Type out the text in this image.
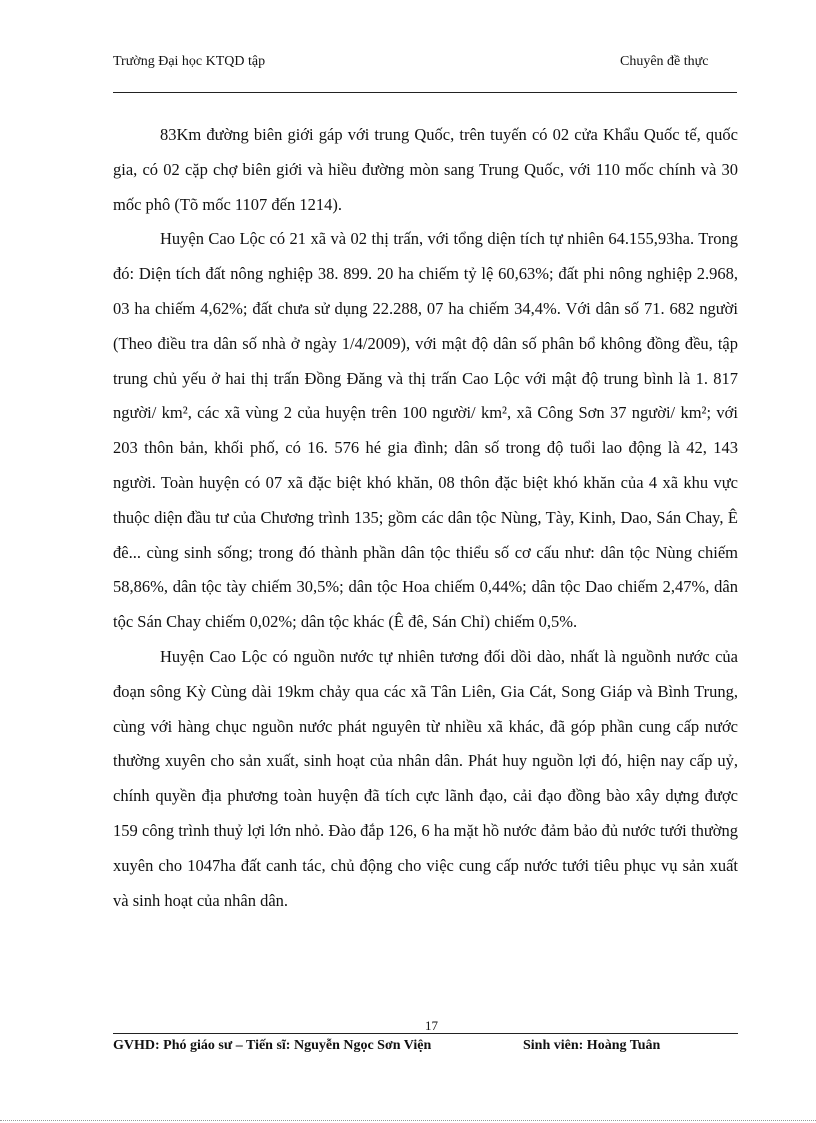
Trường Đại học KTQD tập	Chuyên đề thực

83Km đường biên giới gáp với trung Quốc, trên tuyến có 02 cửa Khẩu Quốc tế, quốc gia, có 02 cặp chợ biên giới và hiều đường mòn sang Trung Quốc, với 110 mốc chính và 30 mốc phô (Tõ mốc 1107 đến 1214).

Huyện Cao Lộc có 21 xã và 02 thị trấn, với tổng diện tích tự nhiên 64.155,93ha. Trong đó: Diện tích đất nông nghiệp 38. 899. 20 ha chiếm tỷ lệ 60,63%; đất phi nông nghiệp 2.968, 03 ha chiếm 4,62%; đất chưa sử dụng 22.288, 07 ha chiếm 34,4%. Với dân số 71. 682 người (Theo điều tra dân số nhà ở ngày 1/4/2009), với mật độ dân số phân bổ không đồng đều, tập trung chủ yếu ở hai thị trấn Đồng Đăng và thị trấn Cao Lộc với mật độ trung bình là 1. 817 người/ km², các xã vùng 2 của huyện trên 100 người/ km², xã Công Sơn 37 người/ km²; với 203 thôn bản, khối phố, có 16. 576 hé gia đình; dân số trong độ tuổi lao động là 42, 143 người. Toàn huyện có 07 xã đặc biệt khó khăn, 08 thôn đặc biệt khó khăn của 4 xã khu vực thuộc diện đầu tư của Chương trình 135; gồm các dân tộc Nùng, Tày, Kinh, Dao, Sán Chay, Ê đê... cùng sinh sống; trong đó thành phần dân tộc thiểu số cơ cấu như: dân tộc Nùng chiếm 58,86%, dân tộc tày chiếm 30,5%; dân tộc Hoa chiếm 0,44%; dân tộc Dao chiếm 2,47%, dân tộc Sán Chay chiếm 0,02%; dân tộc khác (Ê đê, Sán Chỉ) chiếm 0,5%.

Huyện Cao Lộc có nguồn nước tự nhiên tương đối dồi dào, nhất là nguồnh nước của đoạn sông Kỳ Cùng dài 19km chảy qua các xã Tân Liên, Gia Cát, Song Giáp và Bình Trung, cùng với hàng chục nguồn nước phát nguyên từ nhiều xã khác, đã góp phần cung cấp nước thường xuyên cho sản xuất, sinh hoạt của nhân dân. Phát huy nguồn lợi đó, hiện nay cấp uỷ, chính quyền địa phương toàn huyện đã tích cực lãnh đạo, cải đạo đồng bào xây dựng được 159 công trình thuỷ lợi lớn nhỏ. Đào đắp 126, 6 ha mặt hồ nước đảm bảo đủ nước tưới thường xuyên cho 1047ha đất canh tác, chủ động cho việc cung cấp nước tưới tiêu phục vụ sản xuất và sinh hoạt của nhân dân.

17
GVHD: Phó giáo sư – Tiến sĩ: Nguyễn Ngọc Sơn Viện	Sinh viên: Hoàng Tuân
